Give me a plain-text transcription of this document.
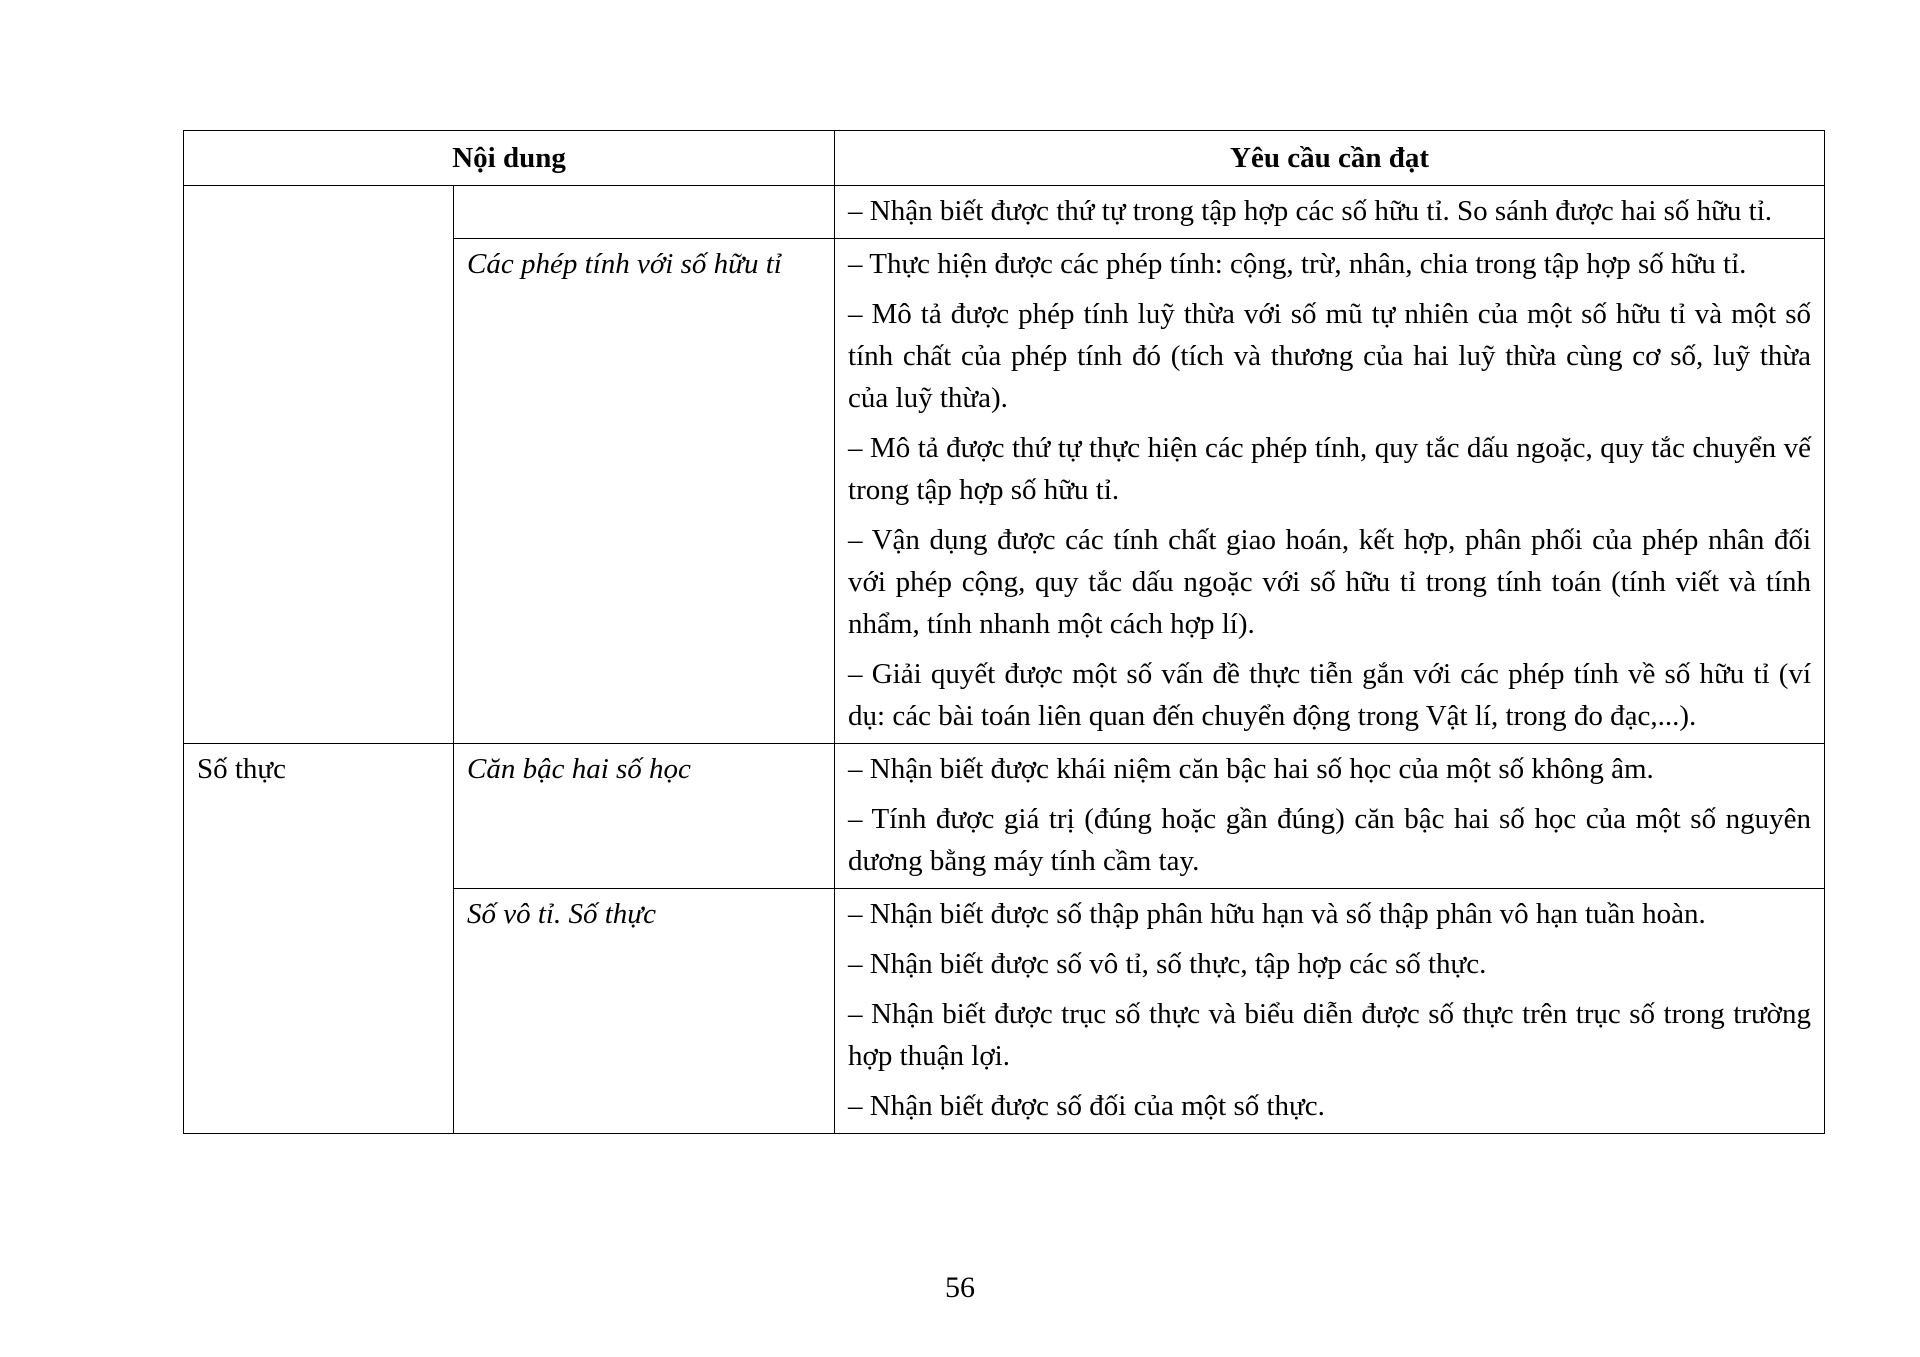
Nội dung		Yêu cầu cần đạt

		– Nhận biết được thứ tự trong tập hợp các số hữu tỉ. So sánh được hai số hữu tỉ.

	Các phép tính với số hữu tỉ	– Thực hiện được các phép tính: cộng, trừ, nhân, chia trong tập hợp số hữu tỉ.

– Mô tả được phép tính luỹ thừa với số mũ tự nhiên của một số hữu tỉ và một số tính chất của phép tính đó (tích và thương của hai luỹ thừa cùng cơ số, luỹ thừa của luỹ thừa).

– Mô tả được thứ tự thực hiện các phép tính, quy tắc dấu ngoặc, quy tắc chuyển vế trong tập hợp số hữu tỉ.

– Vận dụng được các tính chất giao hoán, kết hợp, phân phối của phép nhân đối với phép cộng, quy tắc dấu ngoặc với số hữu tỉ trong tính toán (tính viết và tính nhẩm, tính nhanh một cách hợp lí).

– Giải quyết được một số vấn đề thực tiễn gắn với các phép tính về số hữu tỉ (ví dụ: các bài toán liên quan đến chuyển động trong Vật lí, trong đo đạc,...).

Số thực	Căn bậc hai số học	– Nhận biết được khái niệm căn bậc hai số học của một số không âm.

– Tính được giá trị (đúng hoặc gần đúng) căn bậc hai số học của một số nguyên dương bằng máy tính cầm tay.

	Số vô tỉ. Số thực	– Nhận biết được số thập phân hữu hạn và số thập phân vô hạn tuần hoàn.

– Nhận biết được số vô tỉ, số thực, tập hợp các số thực.

– Nhận biết được trục số thực và biểu diễn được số thực trên trục số trong trường hợp thuận lợi.

– Nhận biết được số đối của một số thực.

56
